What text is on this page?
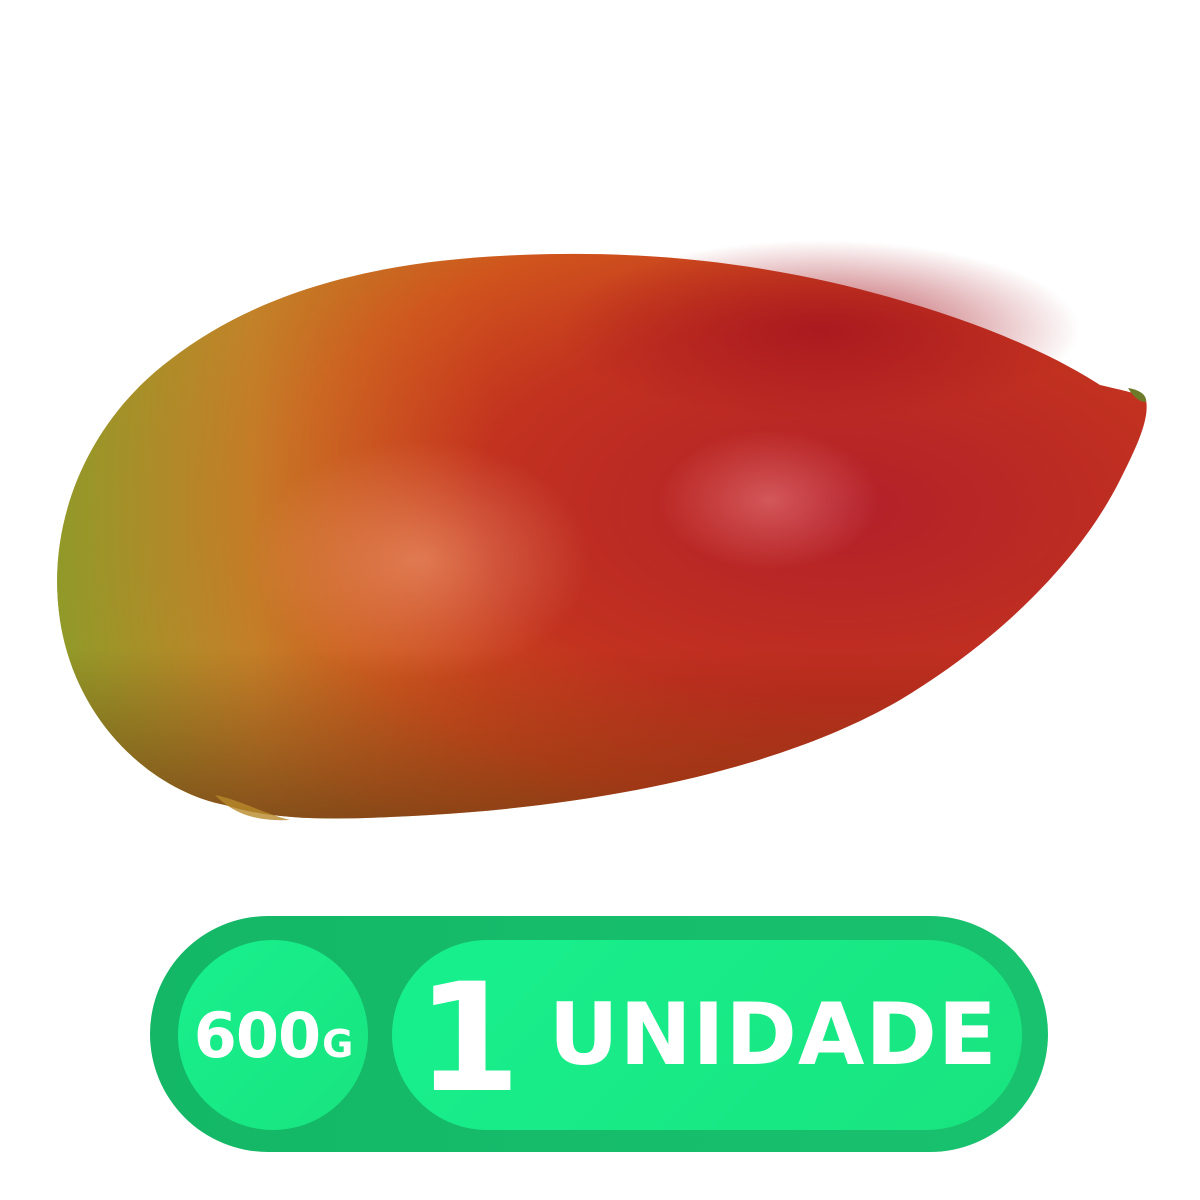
600G 1 UNIDADE
